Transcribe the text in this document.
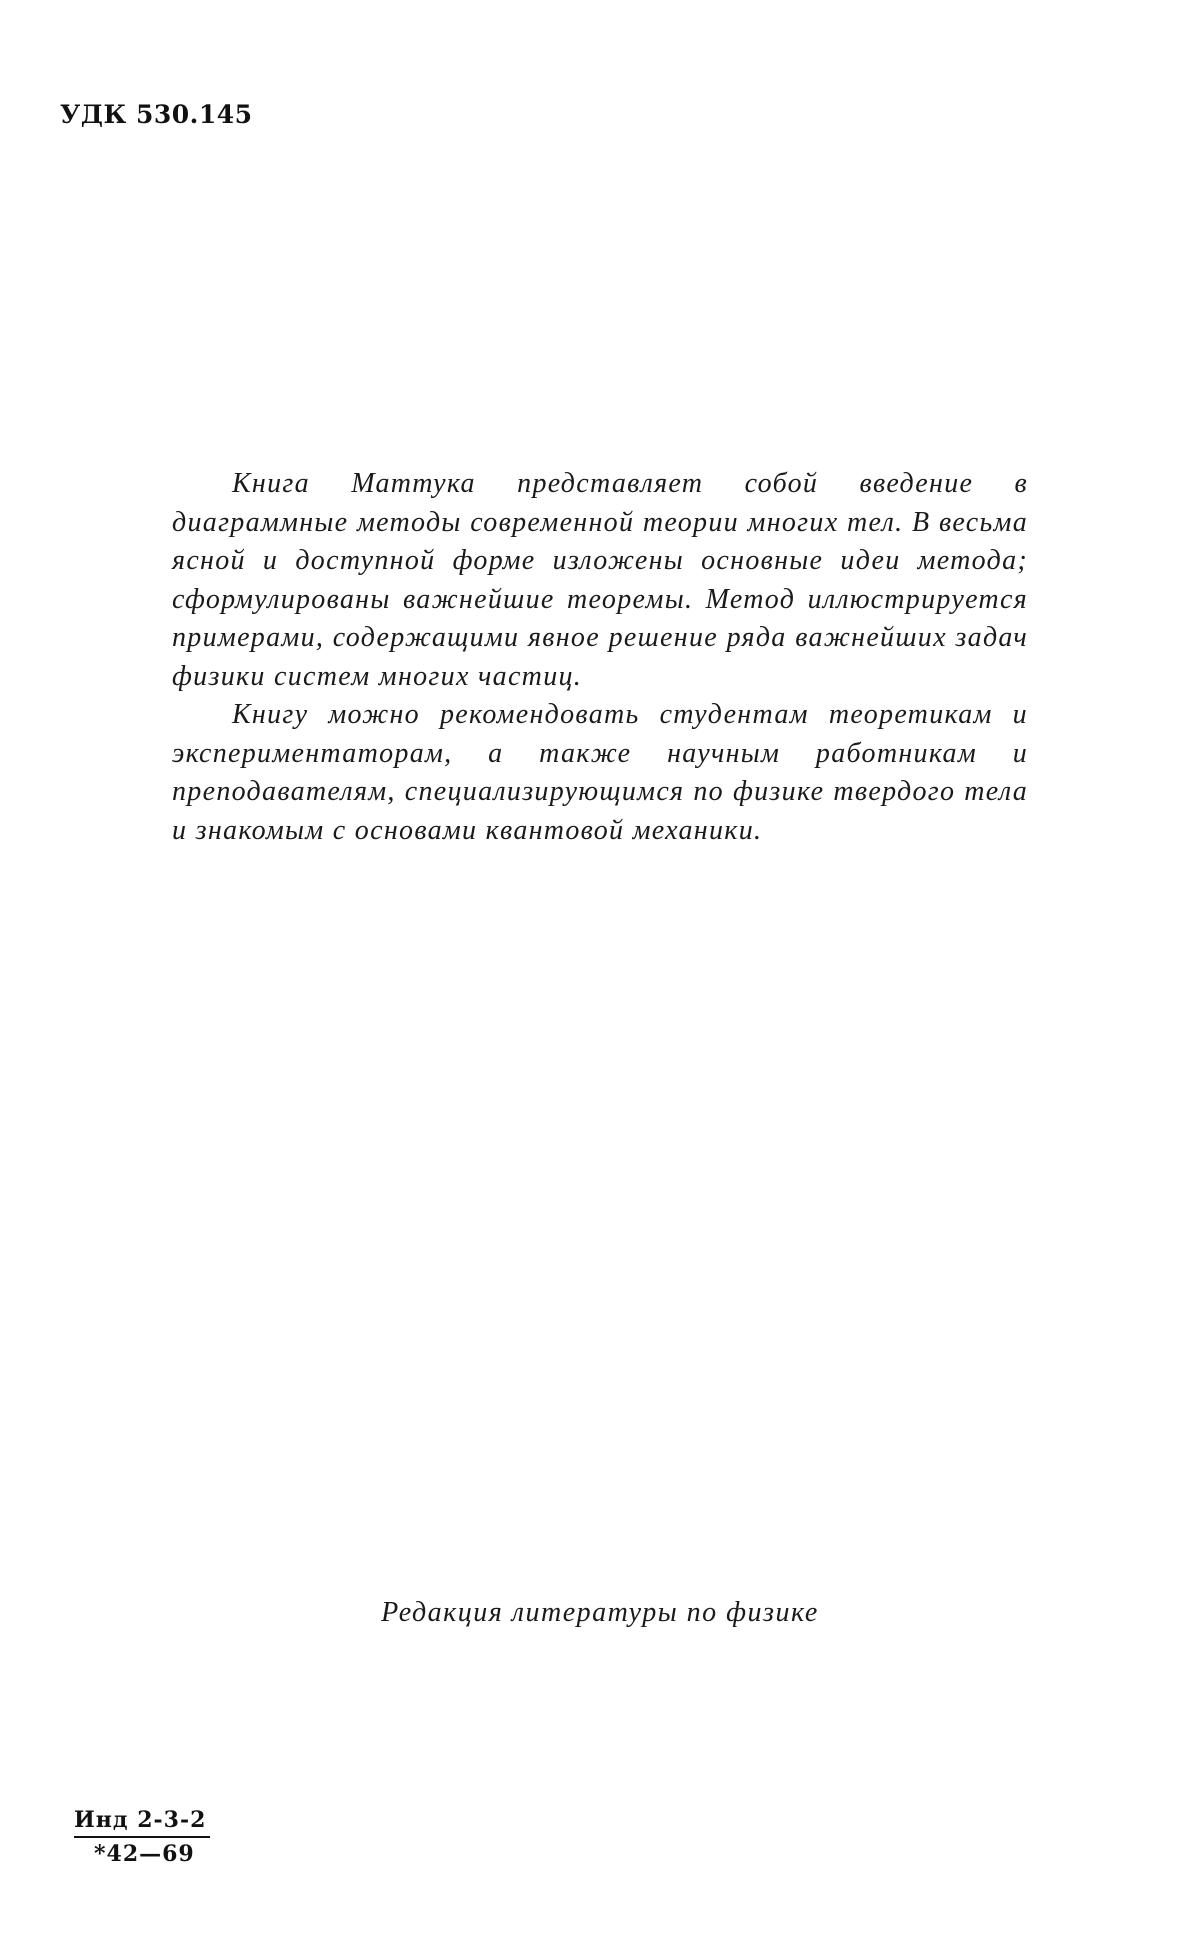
УДК 530.145

Книга Маттука представляет собой введение в диаграммные методы современной теории многих тел. В весьма ясной и доступной форме изложены основные идеи метода; сформулированы важнейшие теоремы. Метод иллюстрируется примерами, содержащими явное решение ряда важнейших задач физики систем многих частиц.

Книгу можно рекомендовать студентам теоретикам и экспериментаторам, а также научным работникам и преподавателям, специализирующимся по физике твердого тела и знакомым с основами квантовой механики.

Редакция литературы по физике
Инд 2-3-2
*42—69
